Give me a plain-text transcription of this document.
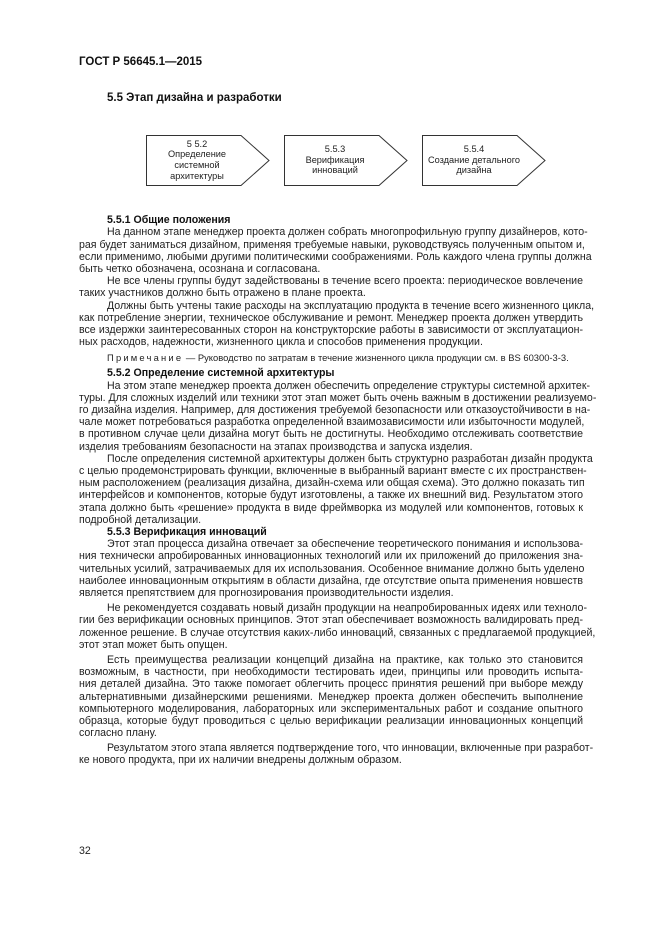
ГОСТ Р 56645.1—2015
5.5 Этап дизайна и разработки
5 5.2
Определение
системной
архитектуры
5.5.3
Верификация
инноваций
5.5.4
Создание детального
дизайна
5.5.1 Общие положения
На данном этапе менеджер проекта должен собрать многопрофильную группу дизайнеров, кото-
рая будет заниматься дизайном, применяя требуемые навыки, руководствуясь полученным опытом и,
если применимо, любыми другими политическими соображениями. Роль каждого члена группы должна
быть четко обозначена, осознана и согласована.
Не все члены группы будут задействованы в течение всего проекта: периодическое вовлечение
таких участников должно быть отражено в плане проекта.
Должны быть учтены такие расходы на эксплуатацию продукта в течение всего жизненного цикла,
как потребление энергии, техническое обслуживание и ремонт. Менеджер проекта должен утвердить
все издержки заинтересованных сторон на конструкторские работы в зависимости от эксплуатацион-
ных расходов, надежности, жизненного цикла и способов применения продукции.
Примечание — Руководство по затратам в течение жизненного цикла продукции см. в BS 60300-3-3.
5.5.2 Определение системной архитектуры
На этом этапе менеджер проекта должен обеспечить определение структуры системной архитек-
туры. Для сложных изделий или техники этот этап может быть очень важным в достижении реализуемо-
го дизайна изделия. Например, для достижения требуемой безопасности или отказоустойчивости в на-
чале может потребоваться разработка определенной взаимозависимости или избыточности модулей,
в противном случае цели дизайна могут быть не достигнуты. Необходимо отслеживать соответствие
изделия требованиям безопасности на этапах производства и запуска изделия.
После определения системной архитектуры должен быть структурно разработан дизайн продукта
с целью продемонстрировать функции, включенные в выбранный вариант вместе с их пространствен-
ным расположением (реализация дизайна, дизайн-схема или общая схема). Это должно показать тип
интерфейсов и компонентов, которые будут изготовлены, а также их внешний вид. Результатом этого
этапа должно быть «решение» продукта в виде фреймворка из модулей или компонентов, готовых к
подробной детализации.
5.5.3 Верификация инноваций
Этот этап процесса дизайна отвечает за обеспечение теоретического понимания и использова-
ния технически апробированных инновационных технологий или их приложений до приложения зна-
чительных усилий, затрачиваемых для их использования. Особенное внимание должно быть уделено
наиболее инновационным открытиям в области дизайна, где отсутствие опыта применения новшеств
является препятствием для прогнозирования производительности изделия.
Не рекомендуется создавать новый дизайн продукции на неапробированных идеях или техноло-
гии без верификации основных принципов. Этот этап обеспечивает возможность валидировать пред-
ложенное решение. В случае отсутствия каких-либо инноваций, связанных с предлагаемой продукцией,
этот этап может быть опущен.
Есть преимущества реализации концепций дизайна на практике, как только это становится
возможным, в частности, при необходимости тестировать идеи, принципы или проводить испыта-
ния деталей дизайна. Это также помогает облегчить процесс принятия решений при выборе между
альтернативными дизайнерскими решениями. Менеджер проекта должен обеспечить выполнение
компьютерного моделирования, лабораторных или экспериментальных работ и создание опытного
образца, которые будут проводиться с целью верификации реализации инновационных концепций
согласно плану.
Результатом этого этапа является подтверждение того, что инновации, включенные при разработ-
ке нового продукта, при их наличии внедрены должным образом.
32
